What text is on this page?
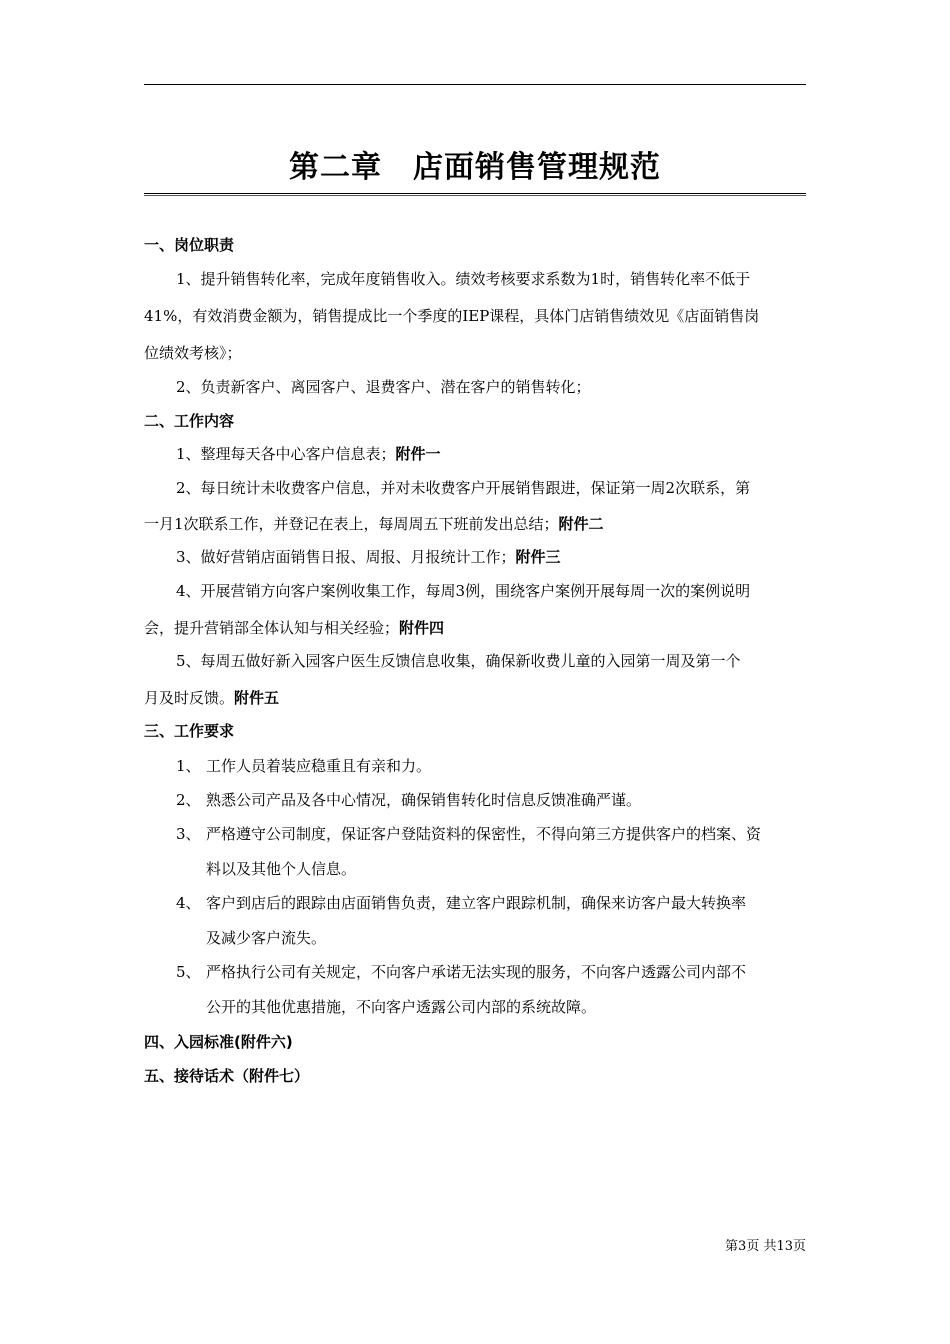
第二章　店面销售管理规范
一、岗位职责
1、提升销售转化率，完成年度销售收入。绩效考核要求系数为1时，销售转化率不低于
41%，有效消费金额为，销售提成比一个季度的IEP课程，具体门店销售绩效见《店面销售岗
位绩效考核》；
2、负责新客户、离园客户、退费客户、潜在客户的销售转化；
二、工作内容
1、整理每天各中心客户信息表；附件一
2、每日统计未收费客户信息，并对未收费客户开展销售跟进，保证第一周2次联系，第
一月1次联系工作，并登记在表上，每周周五下班前发出总结；附件二
3、做好营销店面销售日报、周报、月报统计工作；附件三
4、开展营销方向客户案例收集工作，每周3例，围绕客户案例开展每周一次的案例说明
会，提升营销部全体认知与相关经验；附件四
5、每周五做好新入园客户医生反馈信息收集，确保新收费儿童的入园第一周及第一个
月及时反馈。附件五
三、工作要求
1、 工作人员着装应稳重且有亲和力。
2、 熟悉公司产品及各中心情况，确保销售转化时信息反馈准确严谨。
3、 严格遵守公司制度，保证客户登陆资料的保密性，不得向第三方提供客户的档案、资
料以及其他个人信息。
4、 客户到店后的跟踪由店面销售负责，建立客户跟踪机制，确保来访客户最大转换率
及减少客户流失。
5、 严格执行公司有关规定，不向客户承诺无法实现的服务，不向客户透露公司内部不
公开的其他优惠措施，不向客户透露公司内部的系统故障。
四、入园标准(附件六)
五、接待话术（附件七）
第3页 共13页
